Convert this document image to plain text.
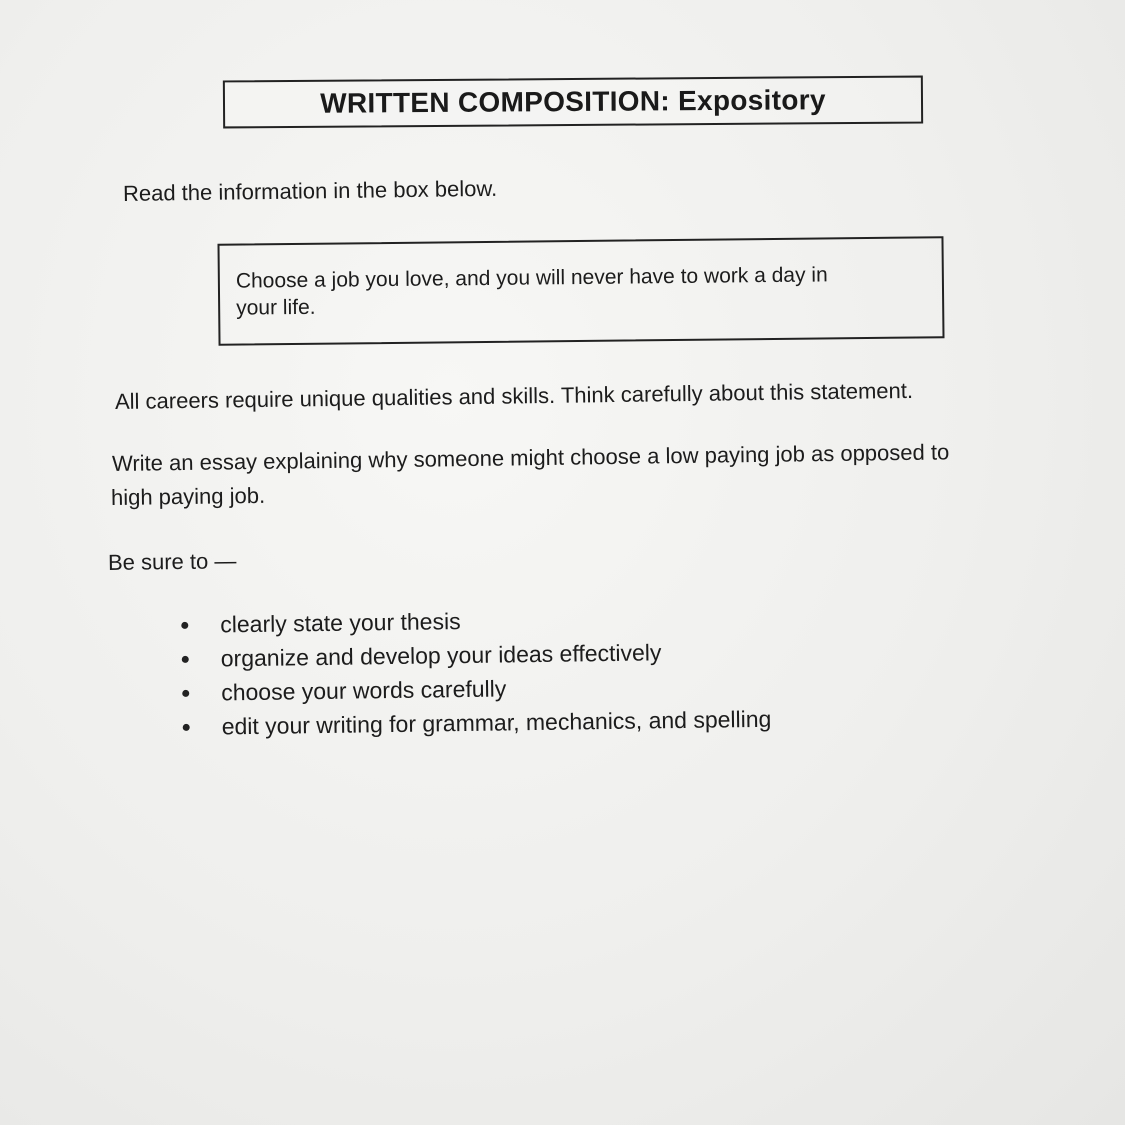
WRITTEN COMPOSITION: Expository
Read the information in the box below.
Choose a job you love, and you will never have to work a day in
your life.
All careers require unique qualities and skills. Think carefully about this statement.
Write an essay explaining why someone might choose a low paying job as opposed to
high paying job.
Be sure to —
clearly state your thesis
organize and develop your ideas effectively
choose your words carefully
edit your writing for grammar, mechanics, and spelling
